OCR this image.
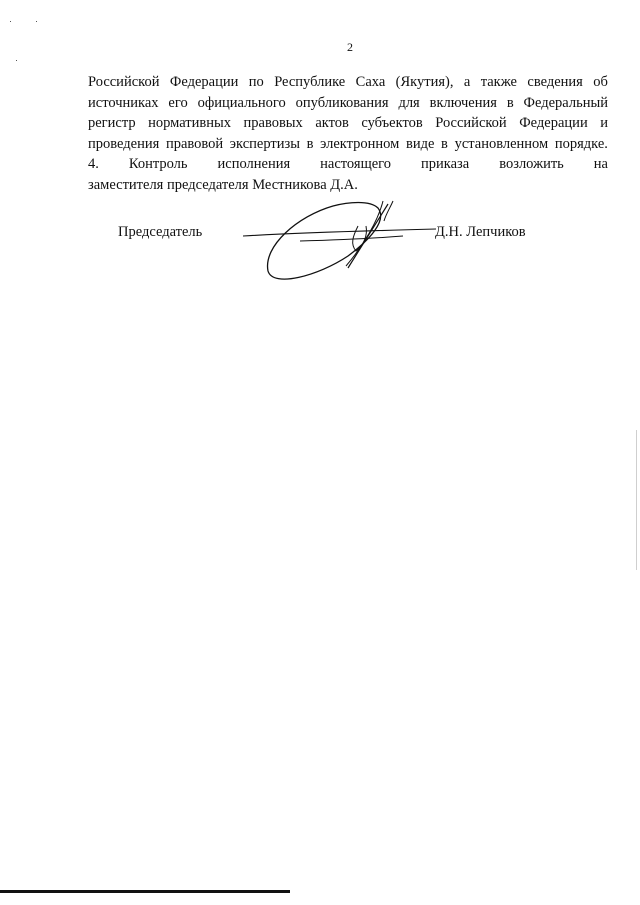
2
Российской Федерации по Республике Саха (Якутия), а также сведения об
источниках его официального опубликования для включения в Федеральный
регистр нормативных правовых актов субъектов Российской Федерации и
проведения правовой экспертизы в электронном виде в установленном порядке.
4. Контроль исполнения настоящего приказа возложить на
заместителя председателя Местникова Д.А.
Председатель	Д.Н. Лепчиков
